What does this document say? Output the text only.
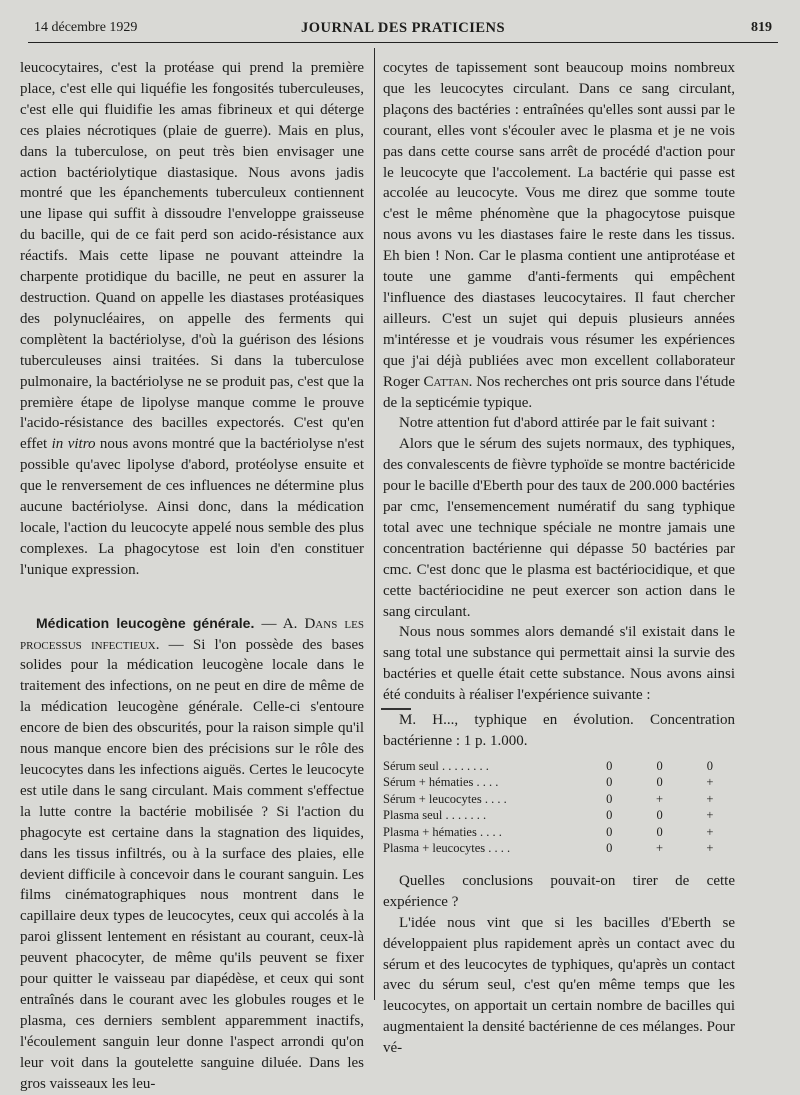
14 décembre 1929	JOURNAL DES PRATICIENS	819

leucocytaires, c'est la protéase qui prend la première place, c'est elle qui liquéfie les fongosités tuberculeuses, c'est elle qui fluidifie les amas fibrineux et qui déterge ces plaies nécrotiques (plaie de guerre). Mais en plus, dans la tuberculose, on peut très bien envisager une action bactériolytique diastasique. Nous avons jadis montré que les épanchements tuberculeux contiennent une lipase qui suffit à dissoudre l'enveloppe graisseuse du bacille, qui de ce fait perd son acido-résistance aux réactifs. Mais cette lipase ne pouvant atteindre la charpente protidique du bacille, ne peut en assurer la destruction. Quand on appelle les diastases protéasiques des polynucléaires, on appelle des ferments qui complètent la bactériolyse, d'où la guérison des lésions tuberculeuses ainsi traitées. Si dans la tuberculose pulmonaire, la bactériolyse ne se produit pas, c'est que la première étape de lipolyse manque comme le prouve l'acido-résistance des bacilles expectorés. C'est qu'en effet in vitro nous avons montré que la bactériolyse n'est possible qu'avec lipolyse d'abord, protéolyse ensuite et que le renversement de ces influences ne détermine plus aucune bactériolyse. Ainsi donc, dans la médication locale, l'action du leucocyte appelé nous semble des plus complexes. La phagocytose est loin d'en constituer l'unique expression.

Médication leucogène générale. — A. Dans les processus infectieux. — Si l'on possède des bases solides pour la médication leucogène locale dans le traitement des infections, on ne peut en dire de même de la médication leucogène générale. Celle-ci s'entoure encore de bien des obscurités, pour la raison simple qu'il nous manque encore bien des précisions sur le rôle des leucocytes dans les infections aiguës. Certes le leucocyte est utile dans le sang circulant. Mais comment s'effectue la lutte contre la bactérie mobilisée ? Si l'action du phagocyte est certaine dans la stagnation des liquides, dans les tissus infiltrés, ou à la surface des plaies, elle devient difficile à concevoir dans le courant sanguin. Les films cinématographiques nous montrent dans le capillaire deux types de leucocytes, ceux qui accolés à la paroi glissent lentement en résistant au courant, ceux-là peuvent phacocyter, de même qu'ils peuvent se fixer pour quitter le vaisseau par diapédèse, et ceux qui sont entraînés dans le courant avec les globules rouges et le plasma, ces derniers semblent apparemment inactifs, l'écoulement sanguin leur donne l'aspect arrondi qu'on leur voit dans la goutelette sanguine diluée. Dans les gros vaisseaux les leu-

cocytes de tapissement sont beaucoup moins nombreux que les leucocytes circulant. Dans ce sang circulant, plaçons des bactéries : entraînées qu'elles sont aussi par le courant, elles vont s'écouler avec le plasma et je ne vois pas dans cette course sans arrêt de procédé d'action pour le leucocyte que l'accolement. La bactérie qui passe est accolée au leucocyte. Vous me direz que somme toute c'est le même phénomène que la phagocytose puisque nous avons vu les diastases faire le reste dans les tissus. Eh bien ! Non. Car le plasma contient une antiprotéase et toute une gamme d'anti-ferments qui empêchent l'influence des diastases leucocytaires. Il faut chercher ailleurs. C'est un sujet qui depuis plusieurs années m'intéresse et je voudrais vous résumer les expériences que j'ai déjà publiées avec mon excellent collaborateur Roger Cattan. Nos recherches ont pris source dans l'étude de la septicémie typique.

Notre attention fut d'abord attirée par le fait suivant :

Alors que le sérum des sujets normaux, des typhiques, des convalescents de fièvre typhoïde se montre bactéricide pour le bacille d'Eberth pour des taux de 200.000 bactéries par cmc, l'ensemencement numératif du sang typhique total avec une technique spéciale ne montre jamais une concentration bactérienne qui dépasse 50 bactéries par cmc. C'est donc que le plasma est bactériocidique, et que cette bactériocidine ne peut exercer son action dans le sang circulant.

Nous nous sommes alors demandé s'il existait dans le sang total une substance qui permettait ainsi la survie des bactéries et quelle était cette substance. Nous avons ainsi été conduits à réaliser l'expérience suivante :

M. H..., typhique en évolution. Concentration bactérienne : 1 p. 1.000.

Sérum seul . . . . . . . .	0	0	0
Sérum + hématies . . . .	0	0	+
Sérum + leucocytes . . . .	0	+	+
Plasma seul . . . . . . .	0	0	+
Plasma + hématies . . . .	0	0	+
Plasma + leucocytes . . . .	0	+	+

Quelles conclusions pouvait-on tirer de cette expérience ?

L'idée nous vint que si les bacilles d'Eberth se développaient plus rapidement après un contact avec du sérum et des leucocytes de typhiques, qu'après un contact avec du sérum seul, c'est qu'en même temps que les leucocytes, on apportait un certain nombre de bacilles qui augmentaient la densité bactérienne de ces mélanges. Pour vé-
